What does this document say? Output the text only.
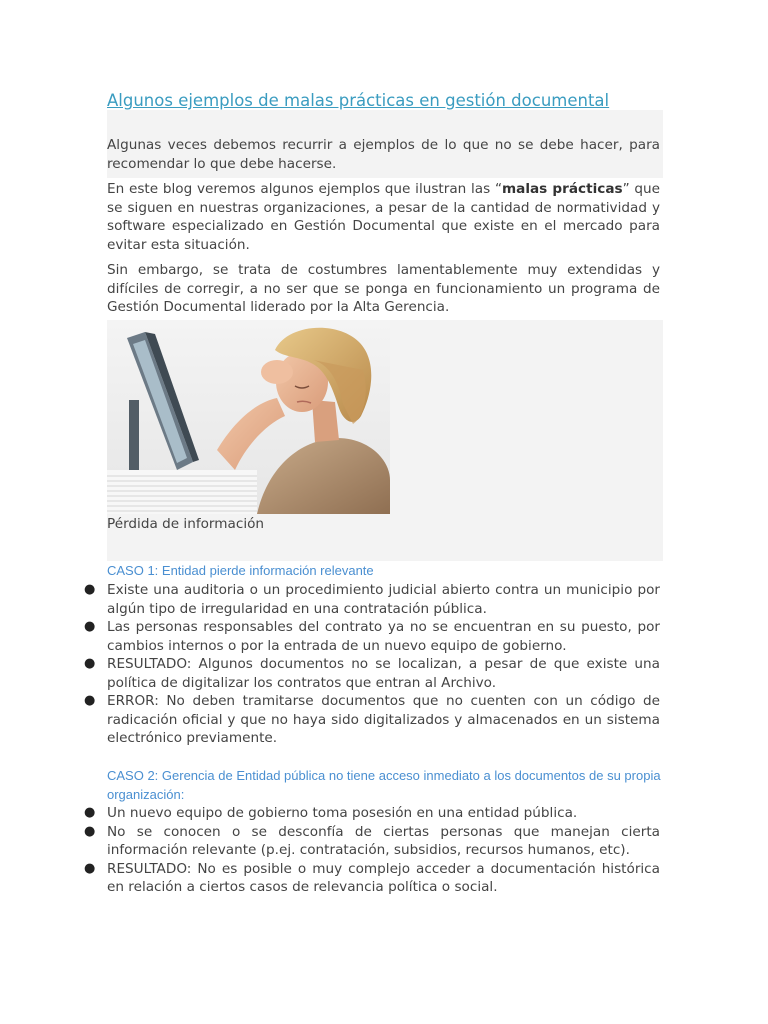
Algunos ejemplos de malas prácticas en gestión documental

Algunas veces debemos recurrir a ejemplos de lo que no se debe hacer, para recomendar lo que debe hacerse.

En este blog veremos algunos ejemplos que ilustran las “malas prácticas” que se siguen en nuestras organizaciones, a pesar de la cantidad de normatividad y software especializado en Gestión Documental que existe en el mercado para evitar esta situación.

Sin embargo, se trata de costumbres lamentablemente muy extendidas y difíciles de corregir, a no ser que se ponga en funcionamiento un programa de Gestión Documental liderado por la Alta Gerencia.

Pérdida de información
CASO 1: Entidad pierde información relevante
● Existe una auditoria o un procedimiento judicial abierto contra un municipio por algún tipo de irregularidad en una contratación pública.
● Las personas responsables del contrato ya no se encuentran en su puesto, por cambios internos o por la entrada de un nuevo equipo de gobierno.
● RESULTADO: Algunos documentos no se localizan, a pesar de que existe una política de digitalizar los contratos que entran al Archivo.
● ERROR: No deben tramitarse documentos que no cuenten con un código de radicación oficial y que no haya sido digitalizados y almacenados en un sistema electrónico previamente.
CASO 2: Gerencia de Entidad pública no tiene acceso inmediato a los documentos de su propia organización:
● Un nuevo equipo de gobierno toma posesión en una entidad pública.
● No se conocen o se desconfía de ciertas personas que manejan cierta información relevante (p.ej. contratación, subsidios, recursos humanos, etc).
● RESULTADO: No es posible o muy complejo acceder a documentación histórica en relación a ciertos casos de relevancia política o social.
